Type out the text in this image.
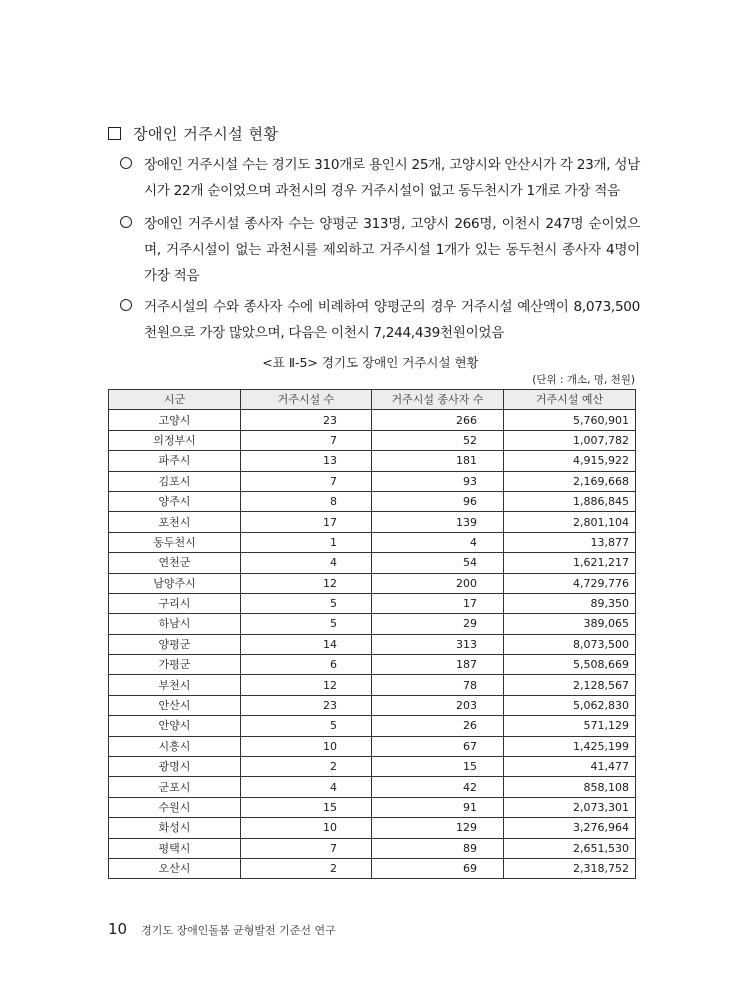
장애인 거주시설 현황
장애인 거주시설 수는 경기도 310개로 용인시 25개, 고양시와 안산시가 각 23개, 성남시가 22개 순이었으며 과천시의 경우 거주시설이 없고 동두천시가 1개로 가장 적음
장애인 거주시설 종사자 수는 양평군 313명, 고양시 266명, 이천시 247명 순이었으며, 거주시설이 없는 과천시를 제외하고 거주시설 1개가 있는 동두천시 종사자 4명이 가장 적음
거주시설의 수와 종사자 수에 비례하여 양평군의 경우 거주시설 예산액이 8,073,500천원으로 가장 많았으며, 다음은 이천시 7,244,439천원이었음
<표 Ⅱ-5> 경기도 장애인 거주시설 현황
(단위 : 개소, 명, 천원)
시군	거주시설 수	거주시설 종사자 수	거주시설 예산
고양시	23	266	5,760,901
의정부시	7	52	1,007,782
파주시	13	181	4,915,922
김포시	7	93	2,169,668
양주시	8	96	1,886,845
포천시	17	139	2,801,104
동두천시	1	4	13,877
연천군	4	54	1,621,217
남양주시	12	200	4,729,776
구리시	5	17	89,350
하남시	5	29	389,065
양평군	14	313	8,073,500
가평군	6	187	5,508,669
부천시	12	78	2,128,567
안산시	23	203	5,062,830
안양시	5	26	571,129
시흥시	10	67	1,425,199
광명시	2	15	41,477
군포시	4	42	858,108
수원시	15	91	2,073,301
화성시	10	129	3,276,964
평택시	7	89	2,651,530
오산시	2	69	2,318,752
10 경기도 장애인돌봄 균형발전 기준선 연구
